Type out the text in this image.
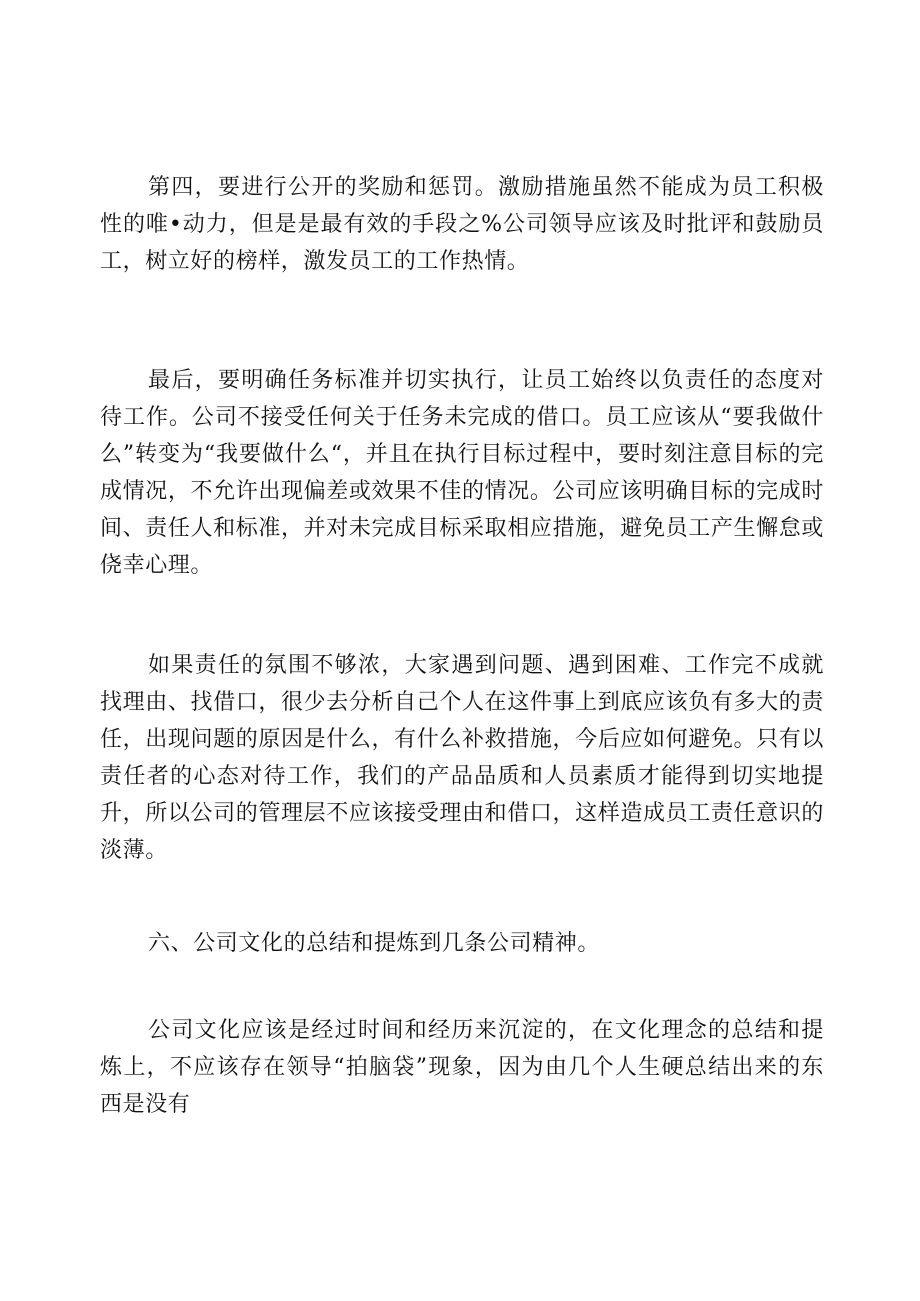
第四，要进行公开的奖励和惩罚。激励措施虽然不能成为员工积极性的唯•动力，但是是最有效的手段之%公司领导应该及时批评和鼓励员工，树立好的榜样，激发员工的工作热情。

最后，要明确任务标准并切实执行，让员工始终以负责任的态度对待工作。公司不接受任何关于任务未完成的借口。员工应该从“要我做什么”转变为“我要做什么“，并且在执行目标过程中，要时刻注意目标的完成情况，不允许出现偏差或效果不佳的情况。公司应该明确目标的完成时间、责任人和标准，并对未完成目标采取相应措施，避免员工产生懈怠或侥幸心理。

如果责任的氛围不够浓，大家遇到问题、遇到困难、工作完不成就找理由、找借口，很少去分析自己个人在这件事上到底应该负有多大的责任，出现问题的原因是什么，有什么补救措施，今后应如何避免。只有以责任者的心态对待工作，我们的产品品质和人员素质才能得到切实地提升，所以公司的管理层不应该接受理由和借口，这样造成员工责任意识的淡薄。

六、公司文化的总结和提炼到几条公司精神。

公司文化应该是经过时间和经历来沉淀的，在文化理念的总结和提炼上，不应该存在领导“拍脑袋”现象，因为由几个人生硬总结出来的东西是没有
